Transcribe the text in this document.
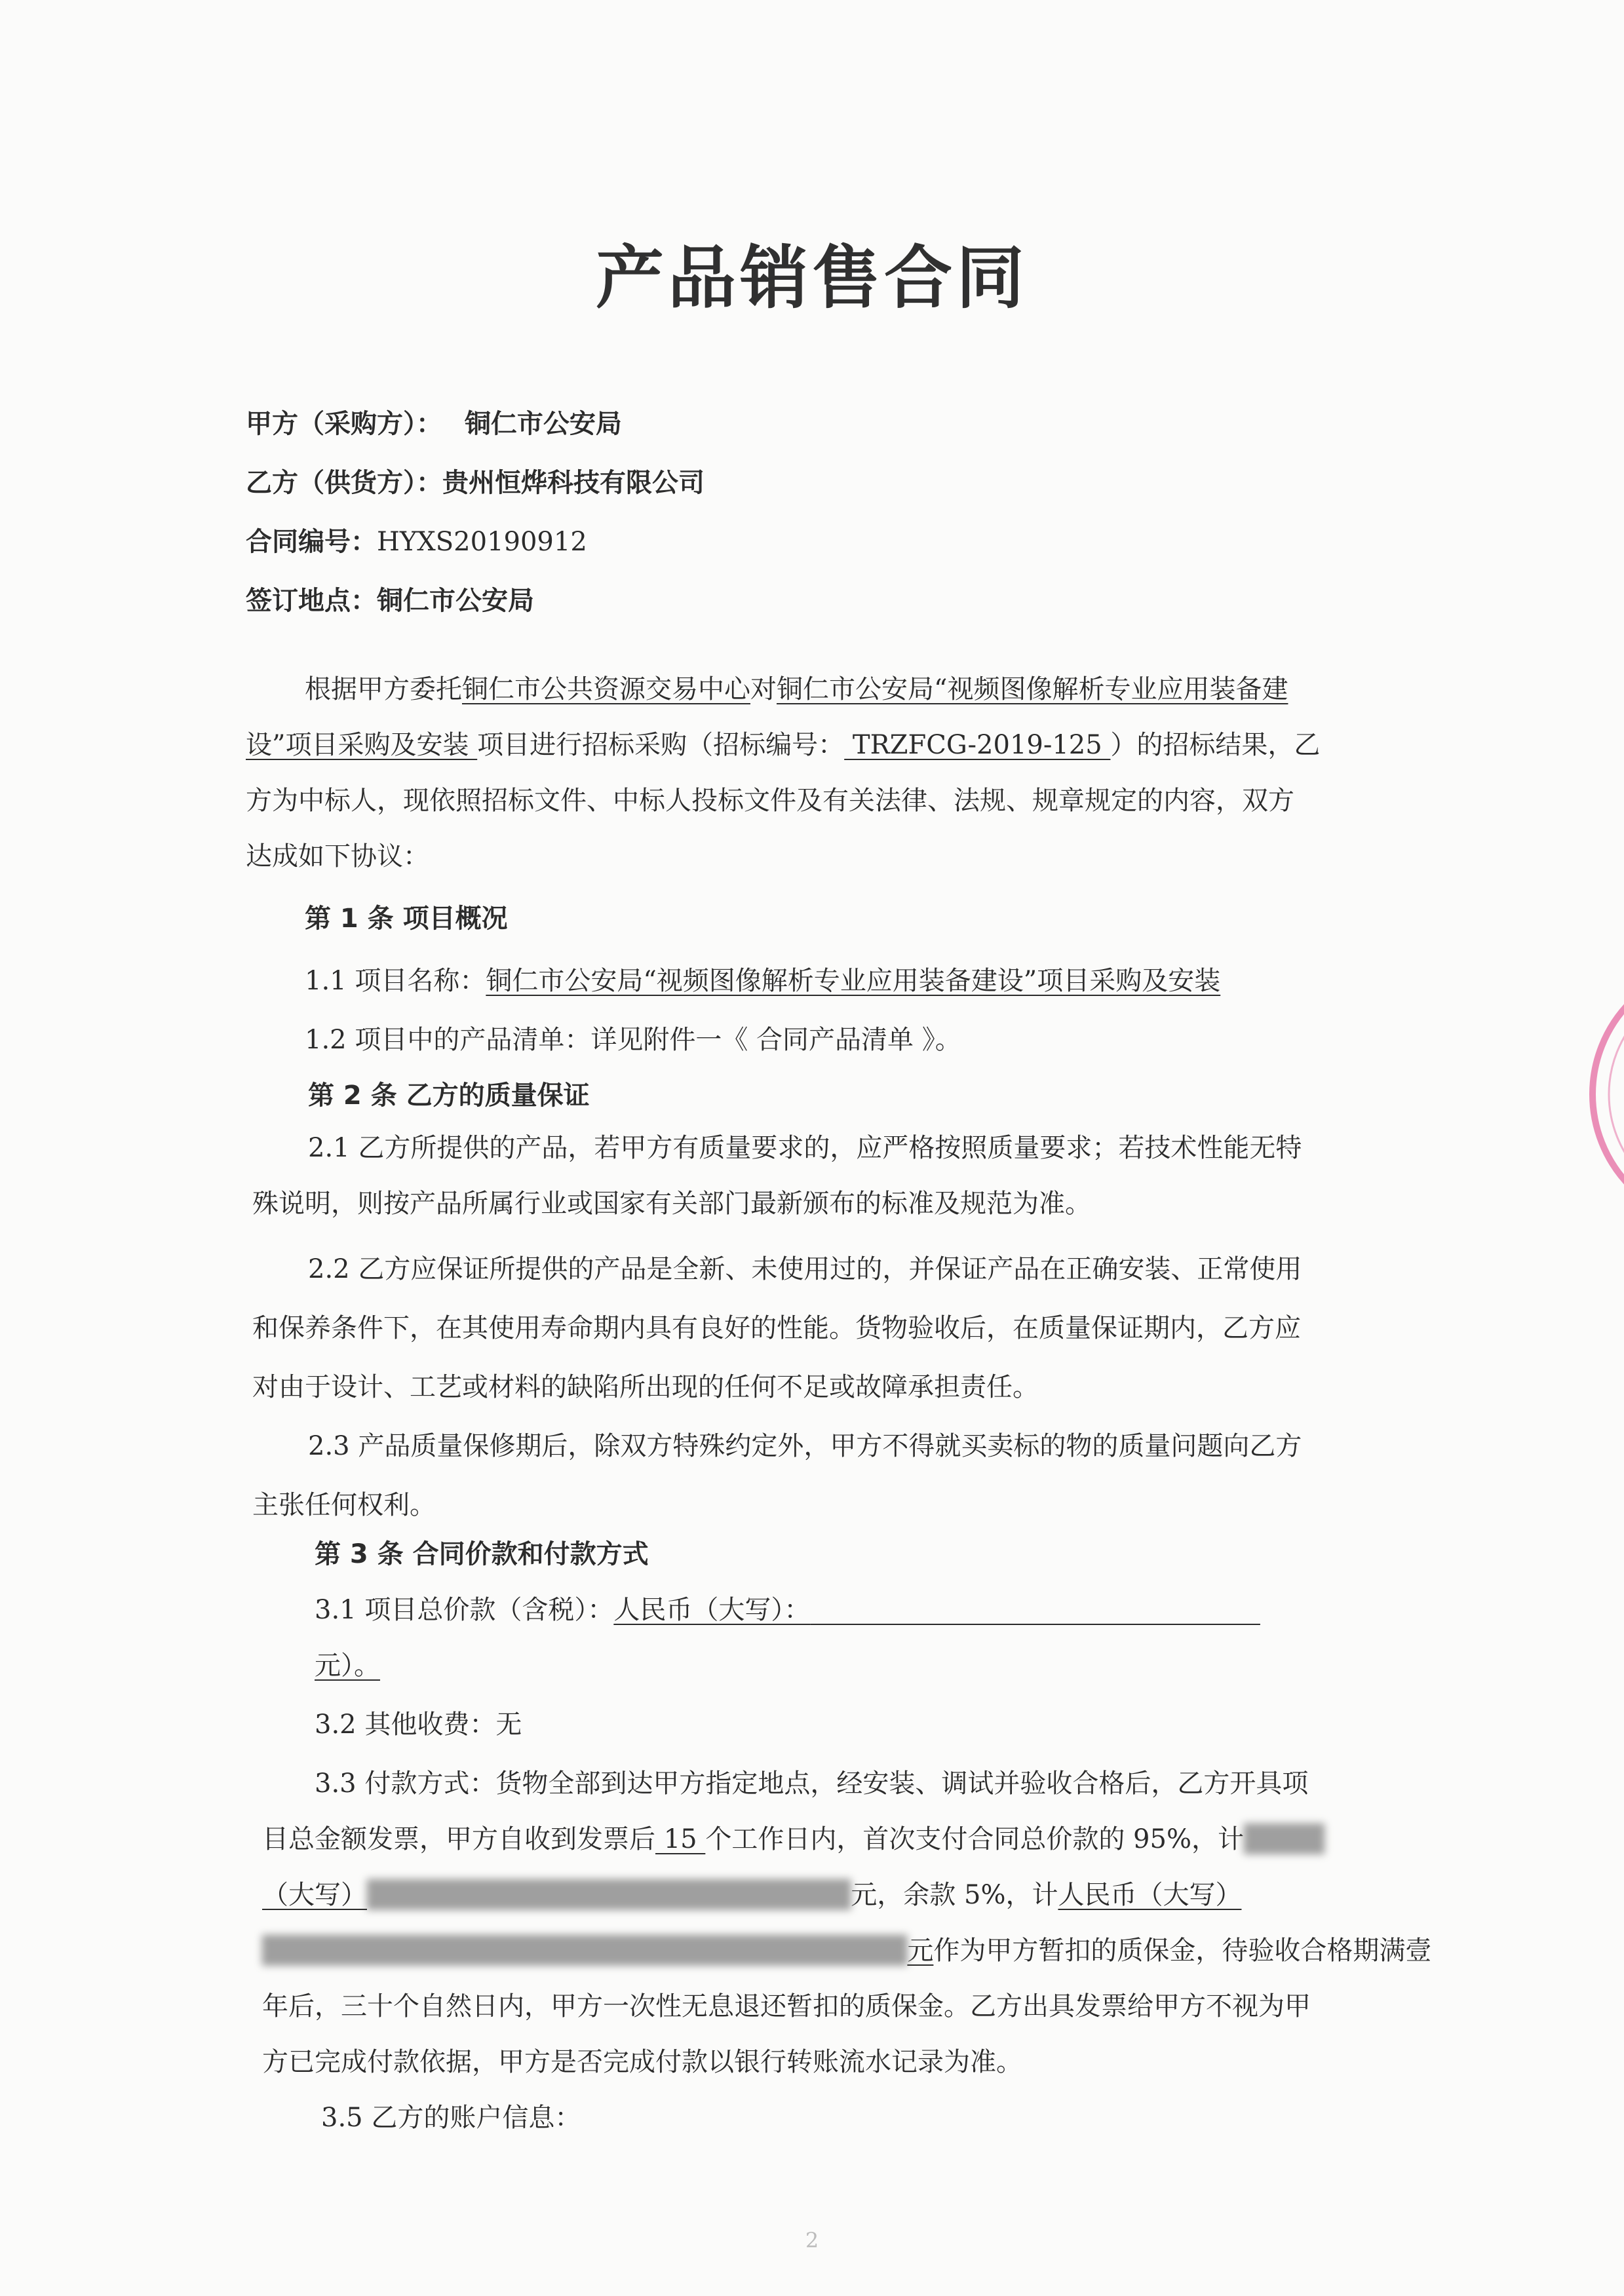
产品销售合同
甲方（采购方）： 铜仁市公安局
乙方（供货方）：贵州恒烨科技有限公司
合同编号：HYXS20190912
签订地点：铜仁市公安局
根据甲方委托铜仁市公共资源交易中心对铜仁市公安局“视频图像解析专业应用装备建
设”项目采购及安装 项目进行招标采购（招标编号： TRZFCG-2019-125 ）的招标结果，乙
方为中标人，现依照招标文件、中标人投标文件及有关法律、法规、规章规定的内容，双方
达成如下协议：
第 1 条 项目概况
1.1 项目名称：铜仁市公安局“视频图像解析专业应用装备建设”项目采购及安装
1.2 项目中的产品清单：详见附件一《 合同产品清单 》。
第 2 条 乙方的质量保证
2.1 乙方所提供的产品，若甲方有质量要求的，应严格按照质量要求；若技术性能无特
殊说明，则按产品所属行业或国家有关部门最新颁布的标准及规范为准。
2.2 乙方应保证所提供的产品是全新、未使用过的，并保证产品在正确安装、正常使用
和保养条件下，在其使用寿命期内具有良好的性能。货物验收后，在质量保证期内，乙方应
对由于设计、工艺或材料的缺陷所出现的任何不足或故障承担责任。
2.3 产品质量保修期后，除双方特殊约定外，甲方不得就买卖标的物的质量问题向乙方
主张任何权利。
第 3 条 合同价款和付款方式
3.1 项目总价款（含税）：人民币（大写）：
元）。
3.2 其他收费：无
3.3 付款方式：货物全部到达甲方指定地点，经安装、调试并验收合格后，乙方开具项
目总金额发票，甲方自收到发票后 15 个工作日内，首次支付合同总价款的 95%，计████
（大写）████████████████████████元，余款 5%，计人民币（大写）
████████████████████████████████元作为甲方暂扣的质保金，待验收合格期满壹
年后，三十个自然日内，甲方一次性无息退还暂扣的质保金。乙方出具发票给甲方不视为甲
方已完成付款依据，甲方是否完成付款以银行转账流水记录为准。
3.5 乙方的账户信息：
2
